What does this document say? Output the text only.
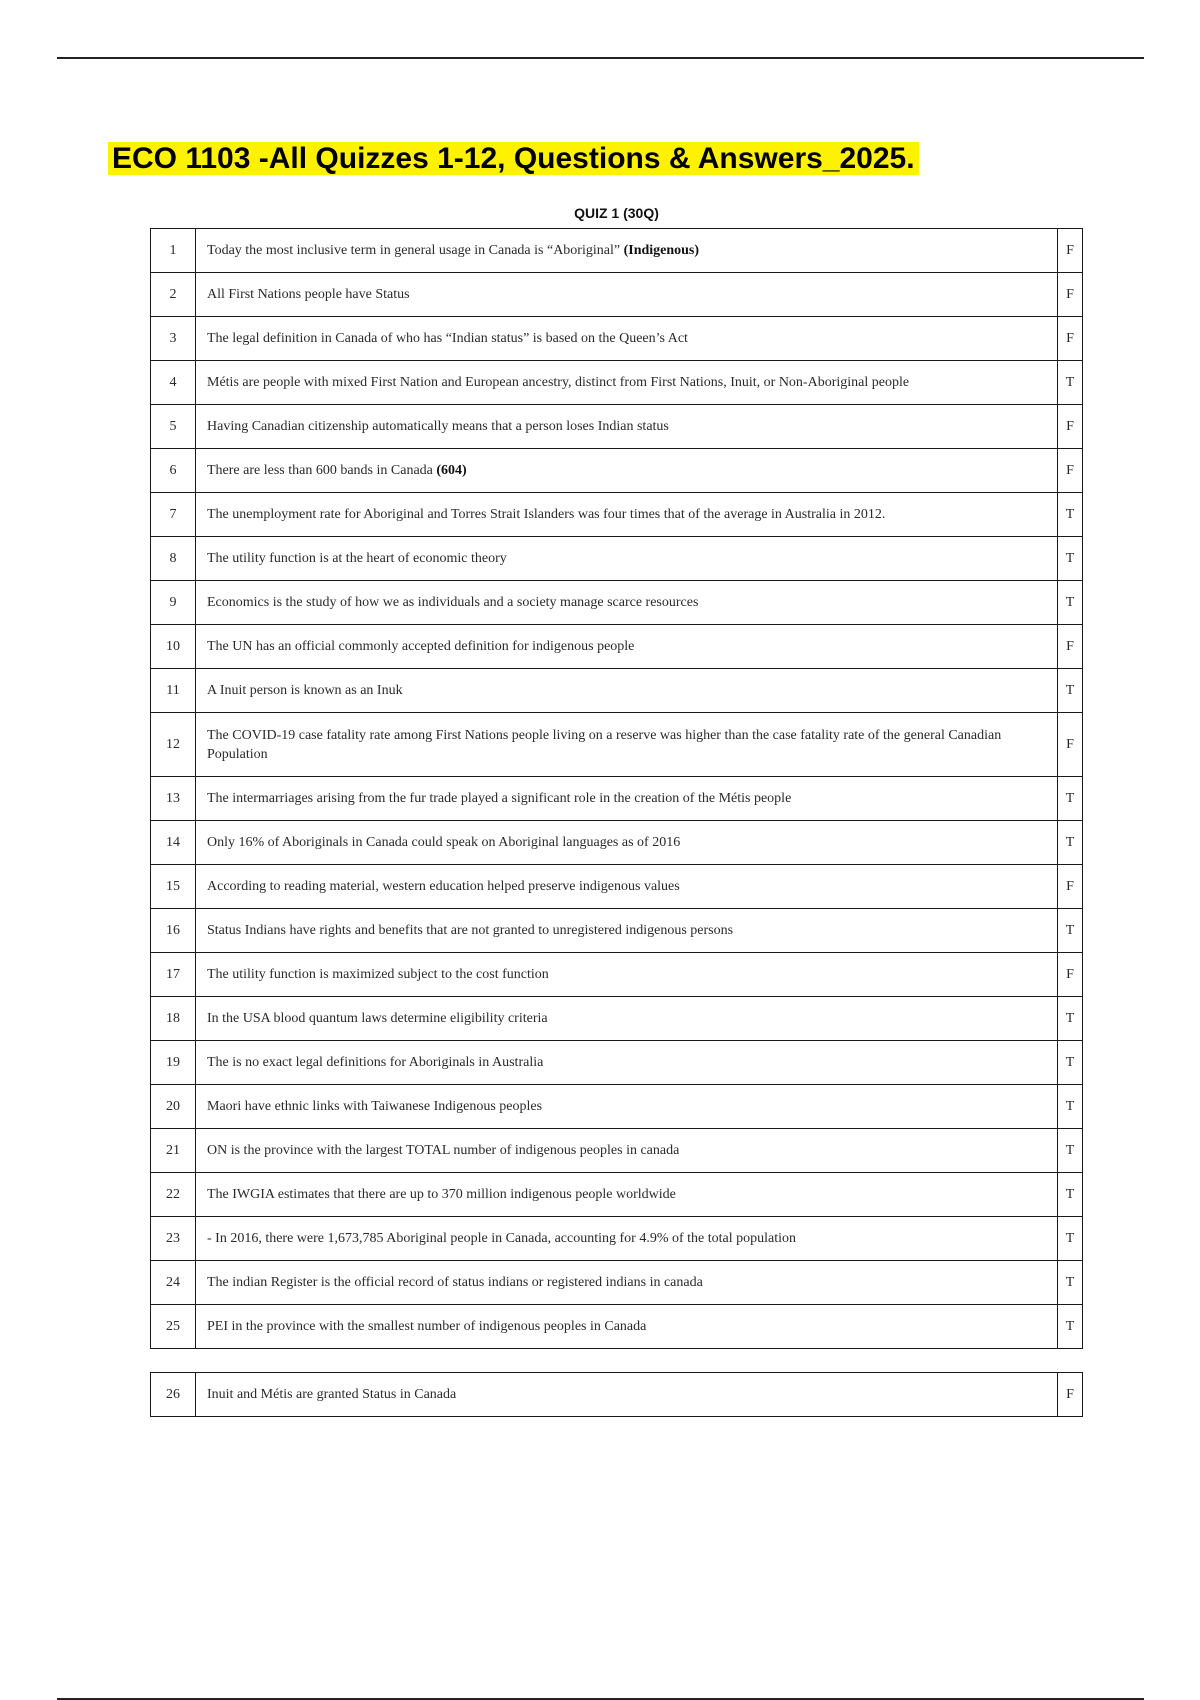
ECO 1103 -All Quizzes 1-12, Questions & Answers_2025.

QUIZ 1 (30Q)

1	Today the most inclusive term in general usage in Canada is “Aboriginal” (Indigenous)	F
2	All First Nations people have Status	F
3	The legal definition in Canada of who has “Indian status” is based on the Queen’s Act	F
4	Métis are people with mixed First Nation and European ancestry, distinct from First Nations, Inuit, or Non-Aboriginal people	T
5	Having Canadian citizenship automatically means that a person loses Indian status	F
6	There are less than 600 bands in Canada (604)	F
7	The unemployment rate for Aboriginal and Torres Strait Islanders was four times that of the average in Australia in 2012.	T
8	The utility function is at the heart of economic theory	T
9	Economics is the study of how we as individuals and a society manage scarce resources	T
10	The UN has an official commonly accepted definition for indigenous people	F
11	A Inuit person is known as an Inuk	T
12	The COVID-19 case fatality rate among First Nations people living on a reserve was higher than the case fatality rate of the general Canadian Population	F
13	The intermarriages arising from the fur trade played a significant role in the creation of the Métis people	T
14	Only 16% of Aboriginals in Canada could speak on Aboriginal languages as of 2016	T
15	According to reading material, western education helped preserve indigenous values	F
16	Status Indians have rights and benefits that are not granted to unregistered indigenous persons	T
17	The utility function is maximized subject to the cost function	F
18	In the USA blood quantum laws determine eligibility criteria	T
19	The is no exact legal definitions for Aboriginals in Australia	T
20	Maori have ethnic links with Taiwanese Indigenous peoples	T
21	ON is the province with the largest TOTAL number of indigenous peoples in canada	T
22	The IWGIA estimates that there are up to 370 million indigenous people worldwide	T
23	- In 2016, there were 1,673,785 Aboriginal people in Canada, accounting for 4.9% of the total population	T
24	The indian Register is the official record of status indians or registered indians in canada	T
25	PEI in the province with the smallest number of indigenous peoples in Canada	T
26	Inuit and Métis are granted Status in Canada	F
